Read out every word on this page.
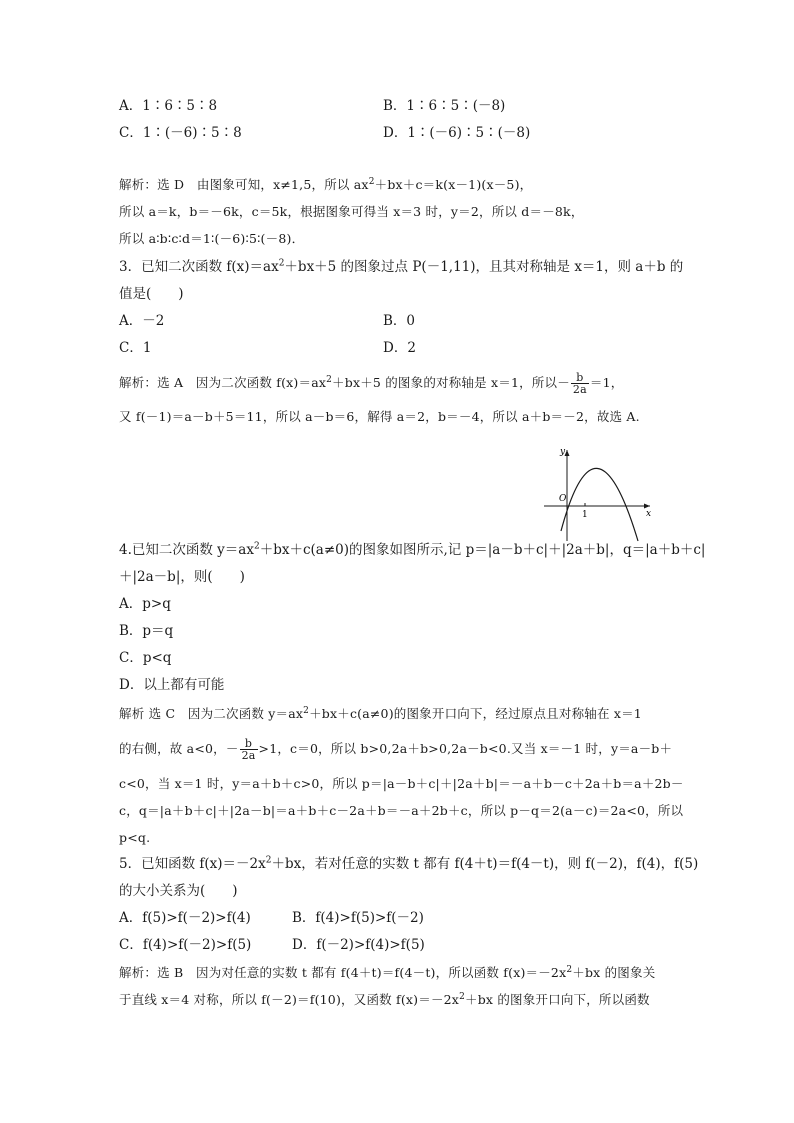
A．1∶6∶5∶8	B．1∶6∶5∶(－8)
C．1∶(－6)∶5∶8	D．1∶(－6)∶5∶(－8)
解析：选 D　由图象可知，x≠1,5，所以 $ax^2+bx+c=k(x-1)(x-5)$，
所以 a＝k，b＝－6k，c＝5k，根据图象可得当 x＝3 时，y＝2，所以 d＝－8k，
所以 a∶b∶c∶d＝1∶(－6)∶5∶(－8)．
3．已知二次函数 $f(x)=ax^2+bx+5$ 的图象过点 P(－1,11)，且其对称轴是 x＝1，则 a＋b 的
值是(　　)
A．－2	B．0
C．1	D．2
解析：选 A　因为二次函数 $f(x)=ax^2+bx+5$ 的图象的对称轴是 x＝1，所以－ $\frac{b}{2a} =1$，
又 f(－1)＝a－b＋5＝11，所以 a－b＝6，解得 a＝2，b＝－4，所以 a＋b＝－2，故选 A.
y
x
O
1
4.已知二次函数 $y=ax^2+bx+c(a\ne 0)$的图象如图所示,记 p＝|a－b＋c|＋|2a＋b|，q＝|a＋b＋c|
＋|2a－b|，则(　　)
A．p>q
B．p＝q
C．p<q
D．以上都有可能
解析 选 C　因为二次函数 $y=ax^2+bx+c(a\ne 0)$的图象开口向下，经过原点且对称轴在 x＝1
的右侧，故 a<0，－ $\frac{b}{2a} >1$，c＝0，所以 b>0,2a＋b>0,2a－b<0.又当 x＝－1 时，y＝a－b＋
c<0，当 x＝1 时，y＝a＋b＋c>0，所以 p＝|a－b＋c|＋|2a＋b|＝－a＋b－c＋2a＋b＝a＋2b－
c，q＝|a＋b＋c|＋|2a－b|＝a＋b＋c－2a＋b＝－a＋2b＋c，所以 p－q＝2(a－c)＝2a<0，所以
p<q.
5．已知函数 $f(x)=-2x^2+bx$，若对任意的实数 t 都有 f(4＋t)＝f(4－t)，则 f(－2)，f(4)，f(5)
的大小关系为(　　)
A．f(5)>f(－2)>f(4)	B．f(4)>f(5)>f(－2)
C．f(4)>f(－2)>f(5)	D．f(－2)>f(4)>f(5)
解析：选 B　因为对任意的实数 t 都有 f(4＋t)＝f(4－t)，所以函数 $f(x)=-2x^2+bx$ 的图象关
于直线 x＝4 对称，所以 f(－2)＝f(10)，又函数 $f(x)=-2x^2+bx$ 的图象开口向下，所以函数
